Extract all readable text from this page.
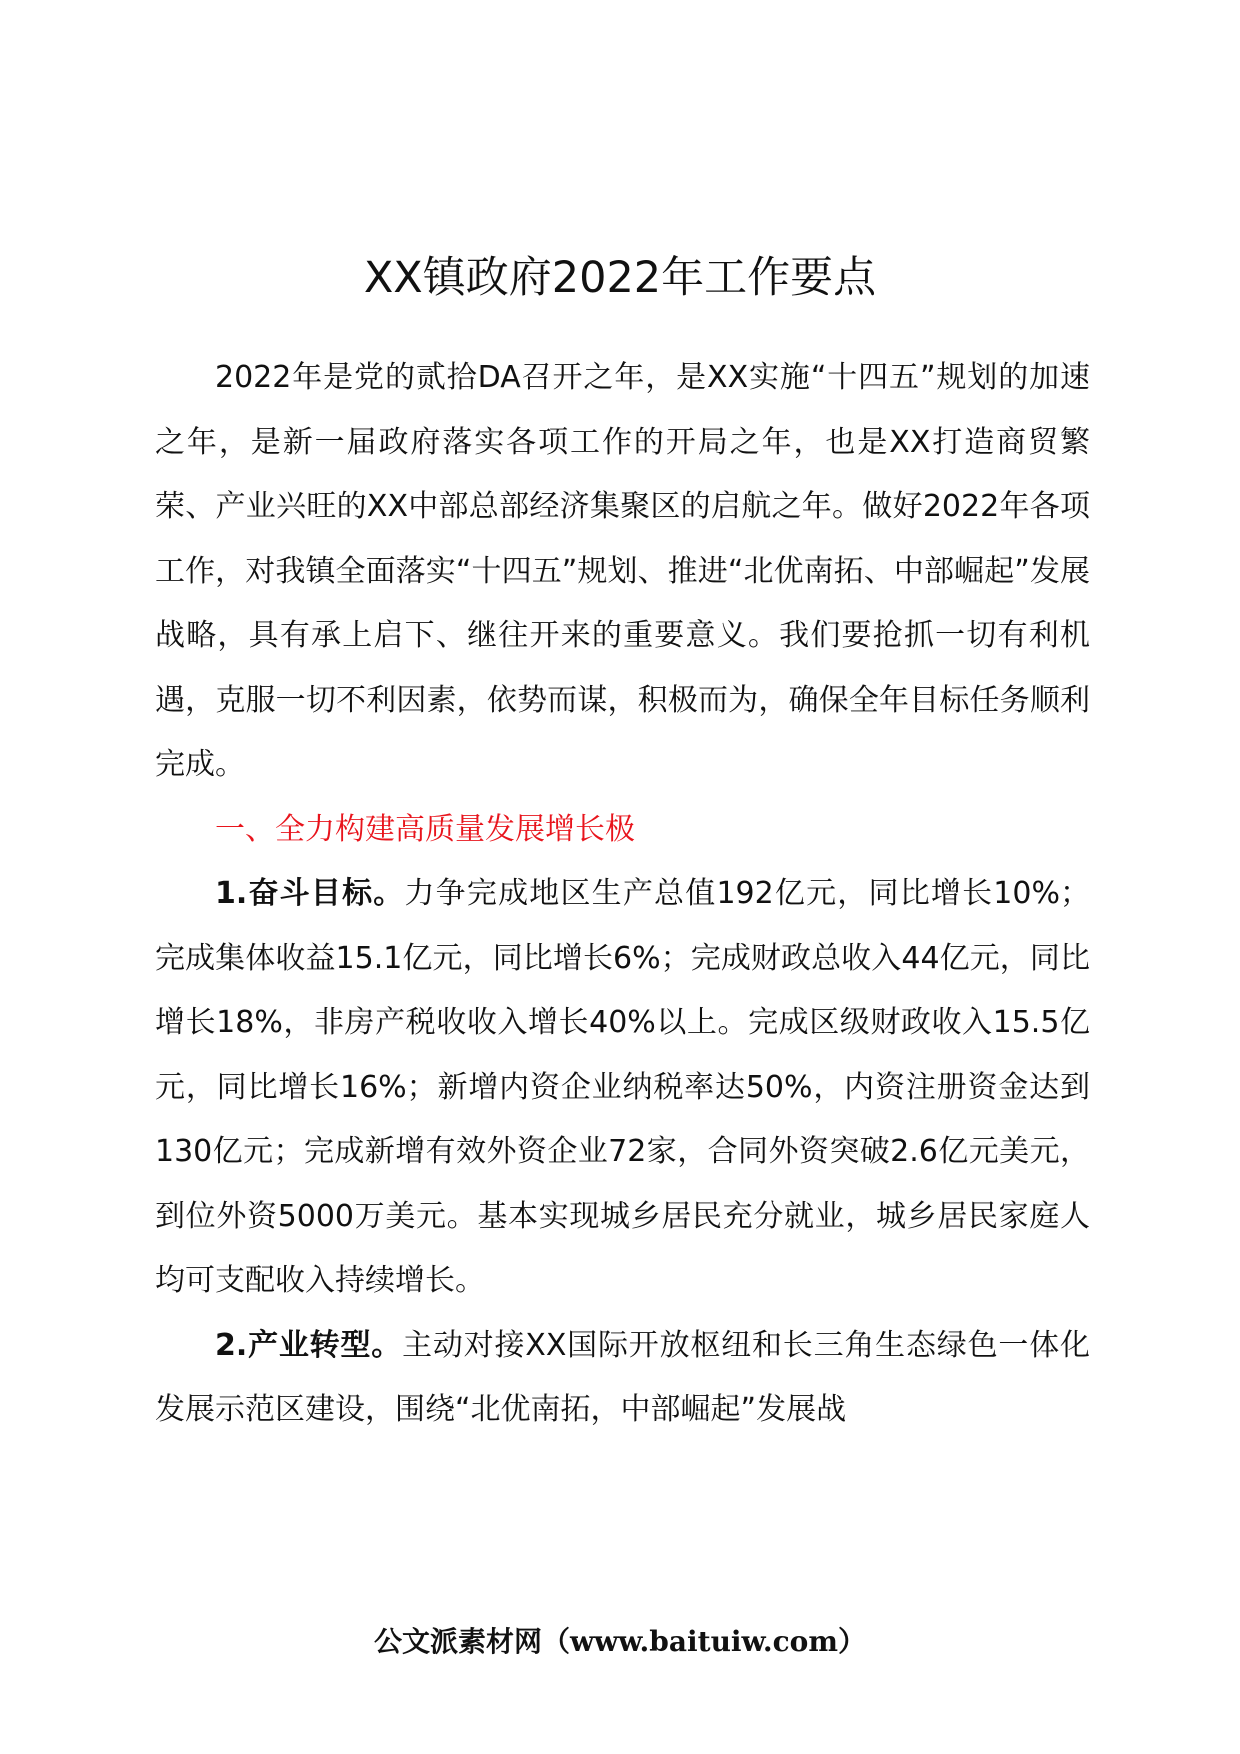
XX镇政府2022年工作要点

2022年是党的贰拾DA召开之年，是XX实施“十四五”规划的加速之年，是新一届政府落实各项工作的开局之年，也是XX打造商贸繁荣、产业兴旺的XX中部总部经济集聚区的启航之年。做好2022年各项工作，对我镇全面落实“十四五”规划、推进“北优南拓、中部崛起”发展战略，具有承上启下、继往开来的重要意义。我们要抢抓一切有利机遇，克服一切不利因素，依势而谋，积极而为，确保全年目标任务顺利完成。

一、全力构建高质量发展增长极

1.奋斗目标。力争完成地区生产总值192亿元，同比增长10%；完成集体收益15.1亿元，同比增长6%；完成财政总收入44亿元，同比增长18%，非房产税收收入增长40%以上。完成区级财政收入15.5亿元，同比增长16%；新增内资企业纳税率达50%，内资注册资金达到130亿元；完成新增有效外资企业72家，合同外资突破2.6亿元美元，到位外资5000万美元。基本实现城乡居民充分就业，城乡居民家庭人均可支配收入持续增长。

2.产业转型。主动对接XX国际开放枢纽和长三角生态绿色一体化发展示范区建设，围绕“北优南拓，中部崛起”发展战

公文派素材网（www.baituiw.com）
